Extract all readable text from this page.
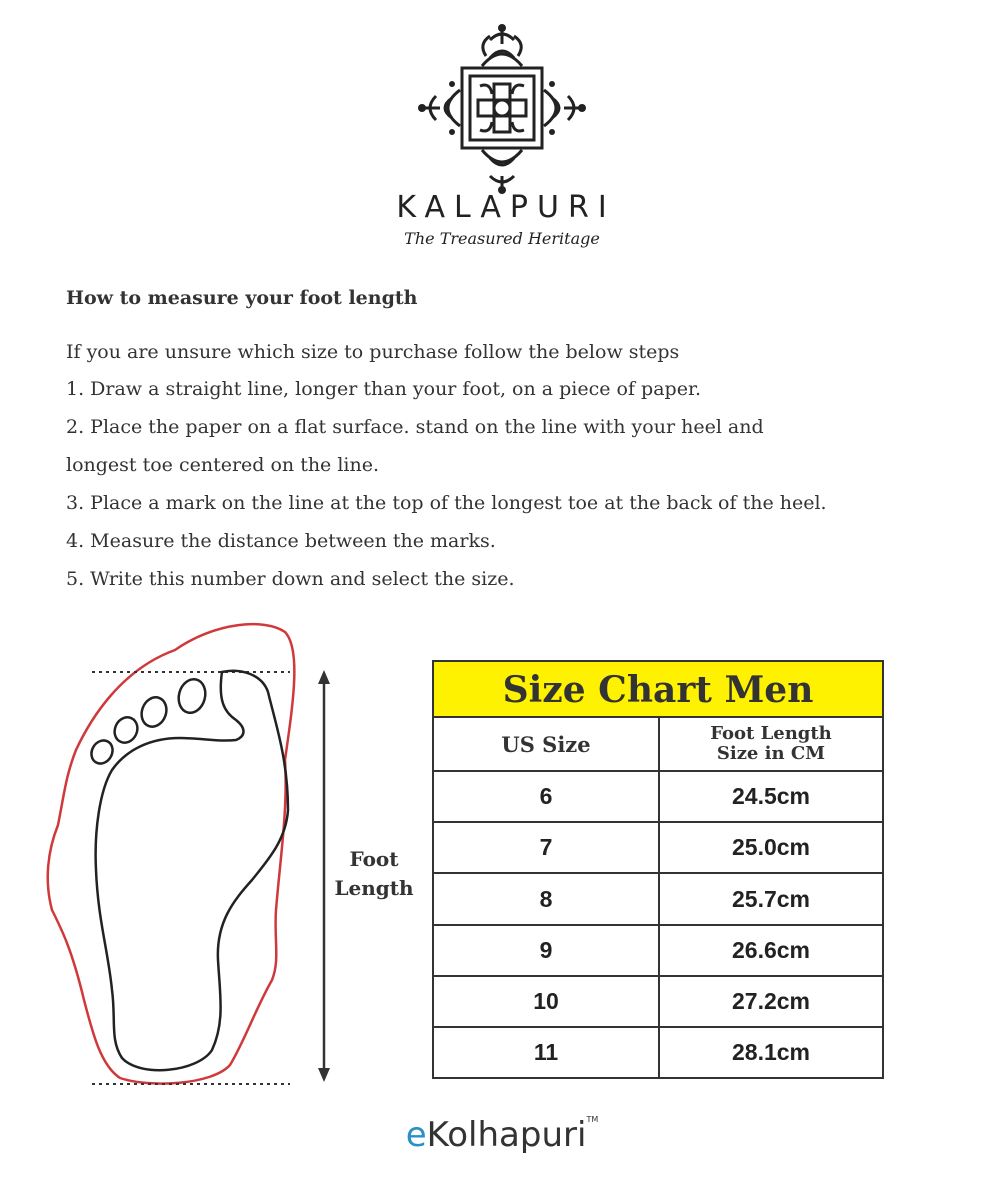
KALAPURI
The Treasured Heritage
How to measure your foot length
If you are unsure which size to purchase follow the below steps
1. Draw a straight line, longer than your foot, on a piece of paper.
2. Place the paper on a flat surface. stand on the line with your heel and
longest toe centered on the line.
3. Place a mark on the line at the top of the longest toe at the back of the heel.
4. Measure the distance between the marks.
5. Write this number down and select the size.
Foot
Length
Size Chart Men
US Size	Foot Length
Size in CM
6	24.5cm
7	25.0cm
8	25.7cm
9	26.6cm
10	27.2cm
11	28.1cm
eKolhapuri™
